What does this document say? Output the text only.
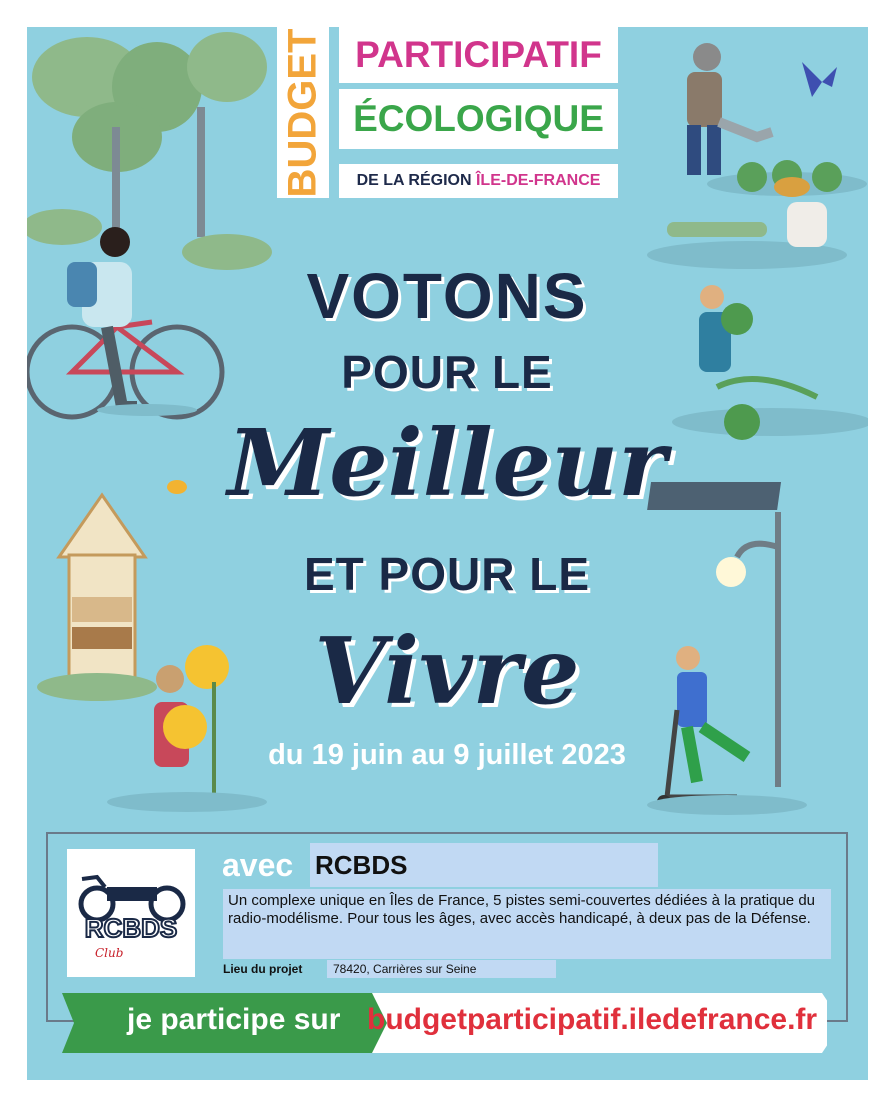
BUDGET PARTICIPATIF
ÉCOLOGIQUE
DE LA RÉGION ÎLE-DE-FRANCE
VOTONS
POUR LE
Meilleur
ET POUR LE
Vivre
du 19 juin au 9 juillet 2023
RCBDS
Club
avec RCBDS
Un complexe unique en Îles de France, 5 pistes semi-couvertes dédiées à la pratique du radio-modélisme. Pour tous les âges, avec accès handicapé, à deux pas de la Défense.
Lieu du projet	78420, Carrières sur Seine
je participe sur budgetparticipatif.iledefrance.fr
